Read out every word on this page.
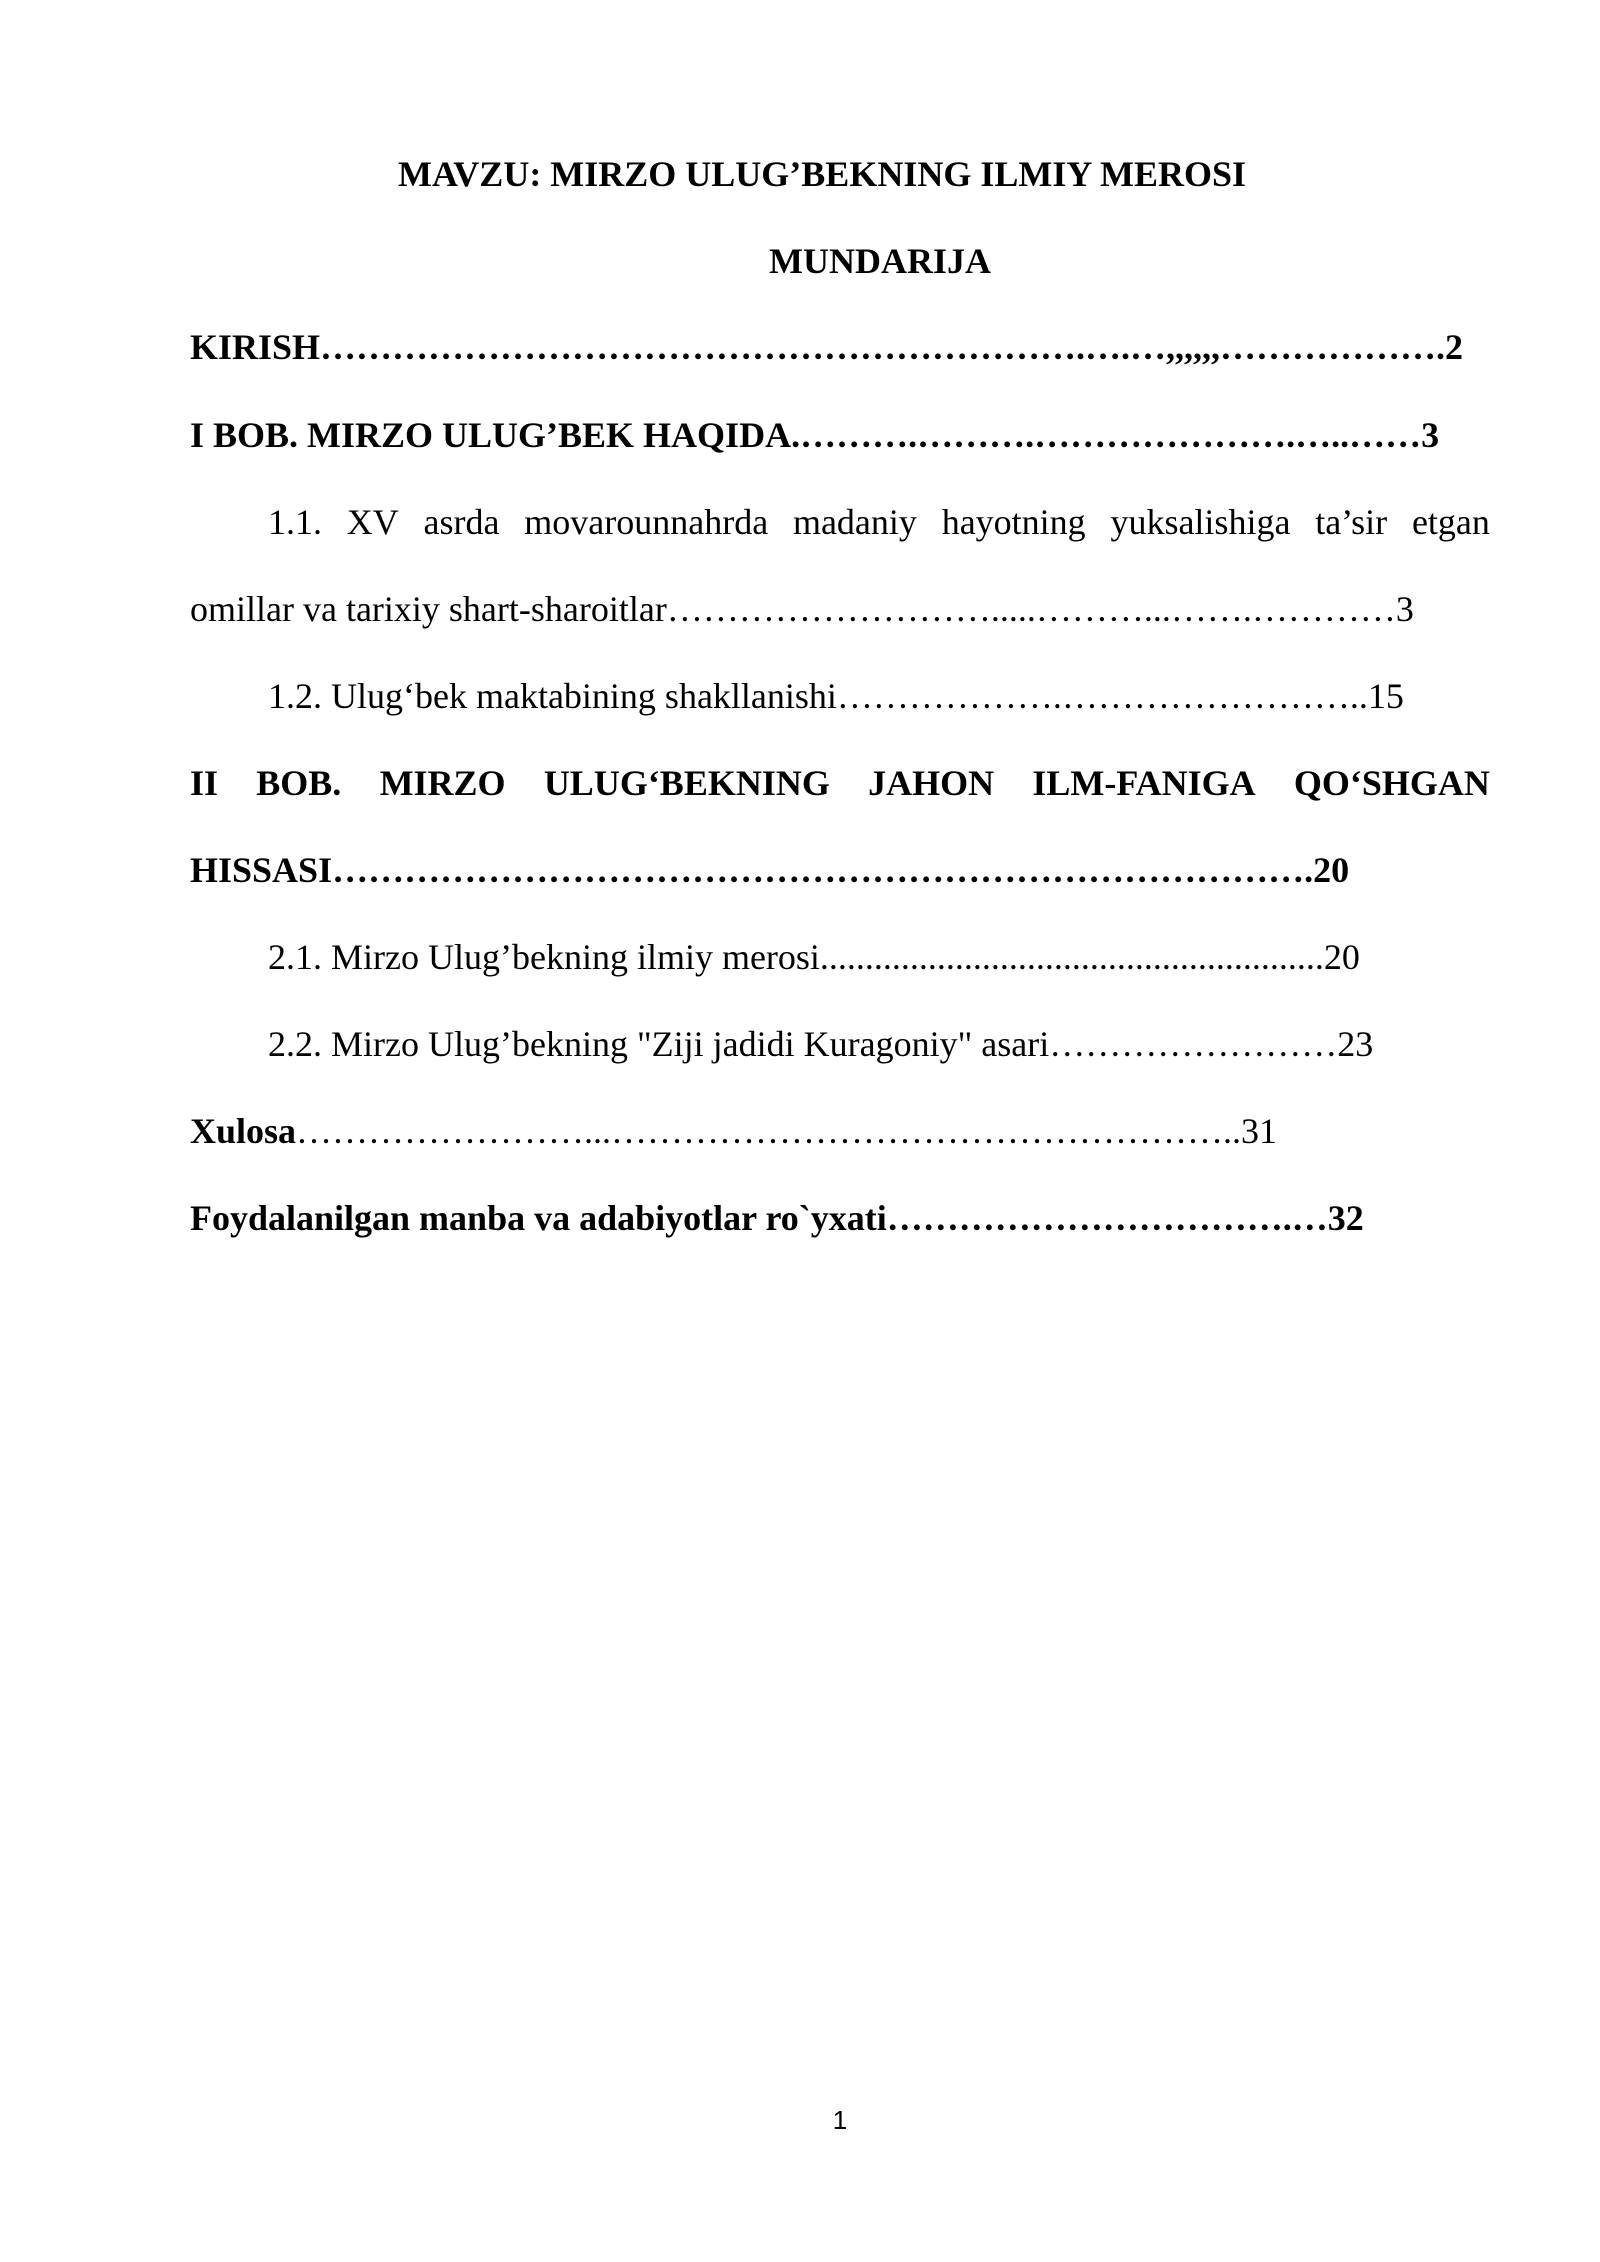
MAVZU: MIRZO ULUG’BEKNING ILMIY MEROSI
MUNDARIJA
KIRISH……………………………………………………….….…,,,,,,……………….2
I BOB. MIRZO ULUG’BEK HAQIDA.……….……….………………….…..……3
1.1. XV asrda movarounnahrda madaniy hayotning yuksalishiga ta’sir etgan
omillar va tarixiy shart-sharoitlar……………………….....………...…….…………3
1.2. Ulug‘bek maktabining shakllanishi……………….……………………..15
II BOB. MIRZO ULUG‘BEKNING JAHON ILM-FANIGA QO‘SHGAN
HISSASI……………………………………………………………………….20
2.1. Mirzo Ulug’bekning ilmiy merosi........................................................20
2.2. Mirzo Ulug’bekning "Ziji jadidi Kuragoniy" asari……………………23
Xulosa……………………...……………………………………………..31
Foydalanilgan manba va adabiyotlar ro`yxati…………………………….…32
1
